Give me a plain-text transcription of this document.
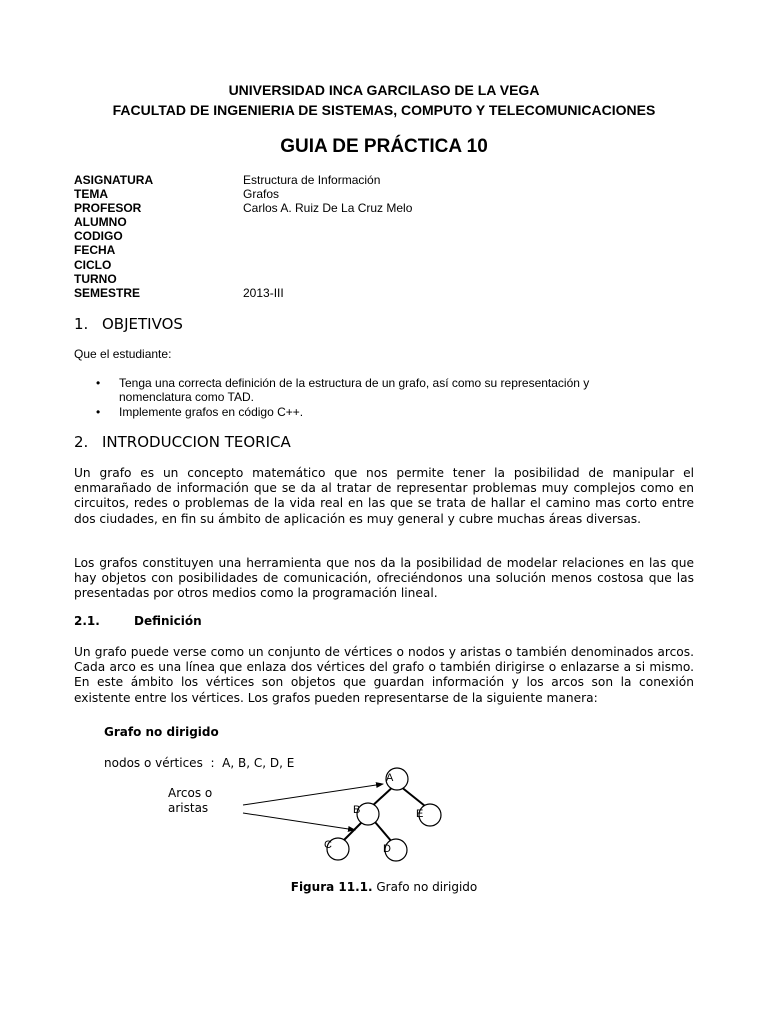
UNIVERSIDAD INCA GARCILASO DE LA VEGA
FACULTAD DE INGENIERIA DE SISTEMAS, COMPUTO Y TELECOMUNICACIONES
GUIA DE PRÁCTICA 10
ASIGNATURA	Estructura de Información
TEMA	Grafos
PROFESOR	Carlos A. Ruiz De La Cruz Melo
ALUMNO
CODIGO
FECHA
CICLO
TURNO
SEMESTRE	2013-III
1. OBJETIVOS
Que el estudiante:
• Tenga una correcta definición de la estructura de un grafo, así como su representación y nomenclatura como TAD.
• Implemente grafos en código C++.
2. INTRODUCCION TEORICA
Un grafo es un concepto matemático que nos permite tener la posibilidad de manipular el enmarañado de información que se da al tratar de representar problemas muy complejos como en circuitos, redes o problemas de la vida real en las que se trata de hallar el camino mas corto entre dos ciudades, en fin su ámbito de aplicación es muy general y cubre muchas áreas diversas.
Los grafos constituyen una herramienta que nos da la posibilidad de modelar relaciones en las que hay objetos con posibilidades de comunicación, ofreciéndonos una solución menos costosa que las presentadas por otros medios como la programación lineal.
2.1.	Definición
Un grafo puede verse como un conjunto de vértices o nodos y aristas o también denominados arcos. Cada arco es una línea que enlaza dos vértices del grafo o también dirigirse o enlazarse a si mismo. En este ámbito los vértices son objetos que guardan información y los arcos son la conexión existente entre los vértices. Los grafos pueden representarse de la siguiente manera:
Grafo no dirigido
nodos o vértices  :  A, B, C, D, E
Arcos o
aristas
A
B	E
C	D
Figura 11.1. Grafo no dirigido
